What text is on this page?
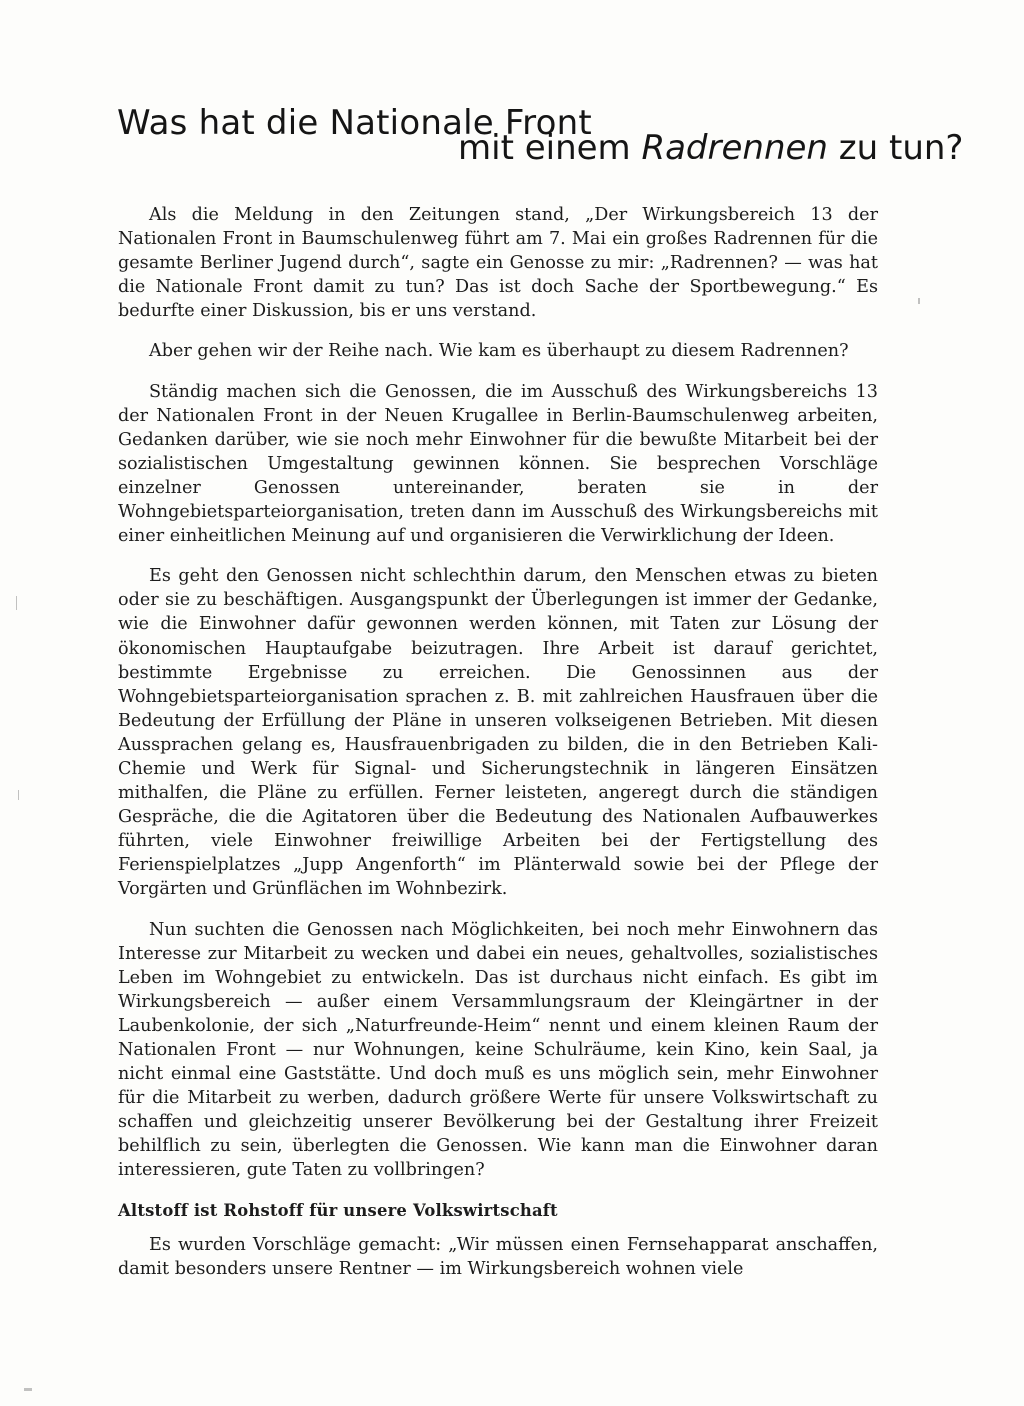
Was hat die Nationale Front
mit einem Radrennen zu tun?

Als die Meldung in den Zeitungen stand, „Der Wirkungsbereich 13 der Nationalen Front in Baumschulenweg führt am 7. Mai ein großes Radrennen für die gesamte Berliner Jugend durch“, sagte ein Genosse zu mir: „Radrennen? — was hat die Nationale Front damit zu tun? Das ist doch Sache der Sportbewegung.“ Es bedurfte einer Diskussion, bis er uns verstand.

Aber gehen wir der Reihe nach. Wie kam es überhaupt zu diesem Radrennen?

Ständig machen sich die Genossen, die im Ausschuß des Wirkungsbereichs 13 der Nationalen Front in der Neuen Krugallee in Berlin-Baumschulenweg arbeiten, Gedanken darüber, wie sie noch mehr Einwohner für die bewußte Mitarbeit bei der sozialistischen Umgestaltung gewinnen können. Sie besprechen Vorschläge einzelner Genossen untereinander, beraten sie in der Wohngebietsparteiorganisation, treten dann im Ausschuß des Wirkungsbereichs mit einer einheitlichen Meinung auf und organisieren die Verwirklichung der Ideen.

Es geht den Genossen nicht schlechthin darum, den Menschen etwas zu bieten oder sie zu beschäftigen. Ausgangspunkt der Überlegungen ist immer der Gedanke, wie die Einwohner dafür gewonnen werden können, mit Taten zur Lösung der ökonomischen Hauptaufgabe beizutragen. Ihre Arbeit ist darauf gerichtet, bestimmte Ergebnisse zu erreichen. Die Genossinnen aus der Wohngebietsparteiorganisation sprachen z. B. mit zahlreichen Hausfrauen über die Bedeutung der Erfüllung der Pläne in unseren volkseigenen Betrieben. Mit diesen Aussprachen gelang es, Hausfrauenbrigaden zu bilden, die in den Betrieben Kali-Chemie und Werk für Signal- und Sicherungstechnik in längeren Einsätzen mithalfen, die Pläne zu erfüllen. Ferner leisteten, angeregt durch die ständigen Gespräche, die die Agitatoren über die Bedeutung des Nationalen Aufbauwerkes führten, viele Einwohner freiwillige Arbeiten bei der Fertigstellung des Ferienspielplatzes „Jupp Angenforth“ im Plänterwald sowie bei der Pflege der Vorgärten und Grünflächen im Wohnbezirk.

Nun suchten die Genossen nach Möglichkeiten, bei noch mehr Einwohnern das Interesse zur Mitarbeit zu wecken und dabei ein neues, gehaltvolles, sozialistisches Leben im Wohngebiet zu entwickeln. Das ist durchaus nicht einfach. Es gibt im Wirkungsbereich — außer einem Versammlungsraum der Kleingärtner in der Laubenkolonie, der sich „Naturfreunde-Heim“ nennt und einem kleinen Raum der Nationalen Front — nur Wohnungen, keine Schulräume, kein Kino, kein Saal, ja nicht einmal eine Gaststätte. Und doch muß es uns möglich sein, mehr Einwohner für die Mitarbeit zu werben, dadurch größere Werte für unsere Volkswirtschaft zu schaffen und gleichzeitig unserer Bevölkerung bei der Gestaltung ihrer Freizeit behilflich zu sein, überlegten die Genossen. Wie kann man die Einwohner daran interessieren, gute Taten zu vollbringen?

Altstoff ist Rohstoff für unsere Volkswirtschaft

Es wurden Vorschläge gemacht: „Wir müssen einen Fernsehapparat anschaffen, damit besonders unsere Rentner — im Wirkungsbereich wohnen viele
